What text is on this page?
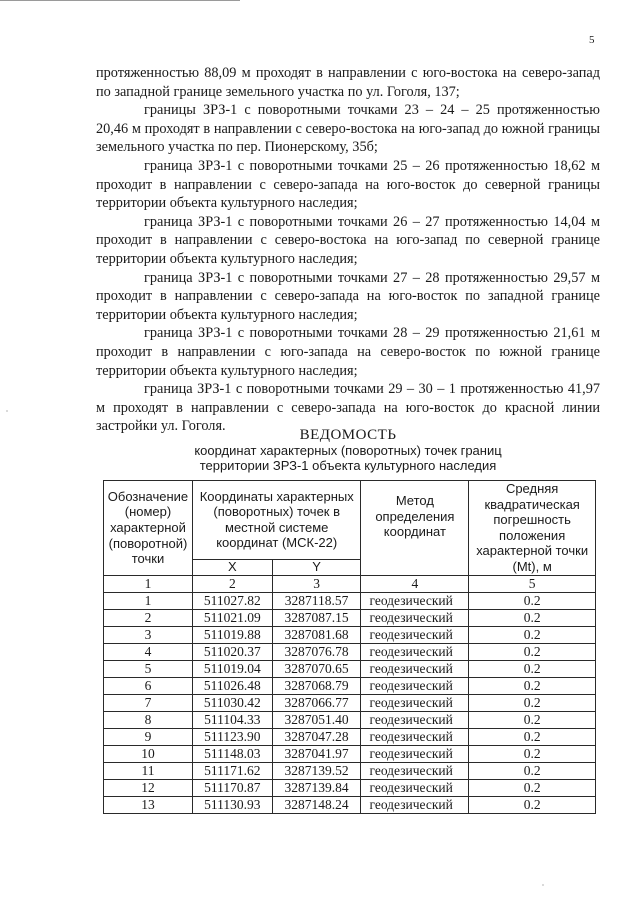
5

протяженностью 88,09 м проходят в направлении с юго-востока на северо-запад по западной границе земельного участка по ул. Гоголя, 137;

границы ЗРЗ-1 с поворотными точками 23 – 24 – 25 протяженностью 20,46 м проходят в направлении с северо-востока на юго-запад до южной границы земельного участка по пер. Пионерскому, 35б;

граница ЗРЗ-1 с поворотными точками 25 – 26 протяженностью 18,62 м проходит в направлении с северо-запада на юго-восток до северной границы территории объекта культурного наследия;

граница ЗРЗ-1 с поворотными точками 26 – 27 протяженностью 14,04 м проходит в направлении с северо-востока на юго-запад по северной границе территории объекта культурного наследия;

граница ЗРЗ-1 с поворотными точками 27 – 28 протяженностью 29,57 м проходит в направлении с северо-запада на юго-восток по западной границе территории объекта культурного наследия;

граница ЗРЗ-1 с поворотными точками 28 – 29 протяженностью 21,61 м проходит в направлении с юго-запада на северо-восток по южной границе территории объекта культурного наследия;

граница ЗРЗ-1 с поворотными точками 29 – 30 – 1 протяженностью 41,97 м проходят в направлении с северо-запада на юго-восток до красной линии застройки ул. Гоголя.

ВЕДОМОСТЬ
координат характерных (поворотных) точек границ
территории ЗРЗ-1 объекта культурного наследия
Обозначение (номер) характерной (поворотной) точки	Координаты характерных (поворотных) точек в местной системе координат (МСК-22)		Метод определения координат	Средняя квадратическая погрешность положения характерной точки (Mt), м
	X	Y		
1	2	3	4	5
1	511027.82	3287118.57	геодезический	0.2
2	511021.09	3287087.15	геодезический	0.2
3	511019.88	3287081.68	геодезический	0.2
4	511020.37	3287076.78	геодезический	0.2
5	511019.04	3287070.65	геодезический	0.2
6	511026.48	3287068.79	геодезический	0.2
7	511030.42	3287066.77	геодезический	0.2
8	511104.33	3287051.40	геодезический	0.2
9	511123.90	3287047.28	геодезический	0.2
10	511148.03	3287041.97	геодезический	0.2
11	511171.62	3287139.52	геодезический	0.2
12	511170.87	3287139.84	геодезический	0.2
13	511130.93	3287148.24	геодезический	0.2
